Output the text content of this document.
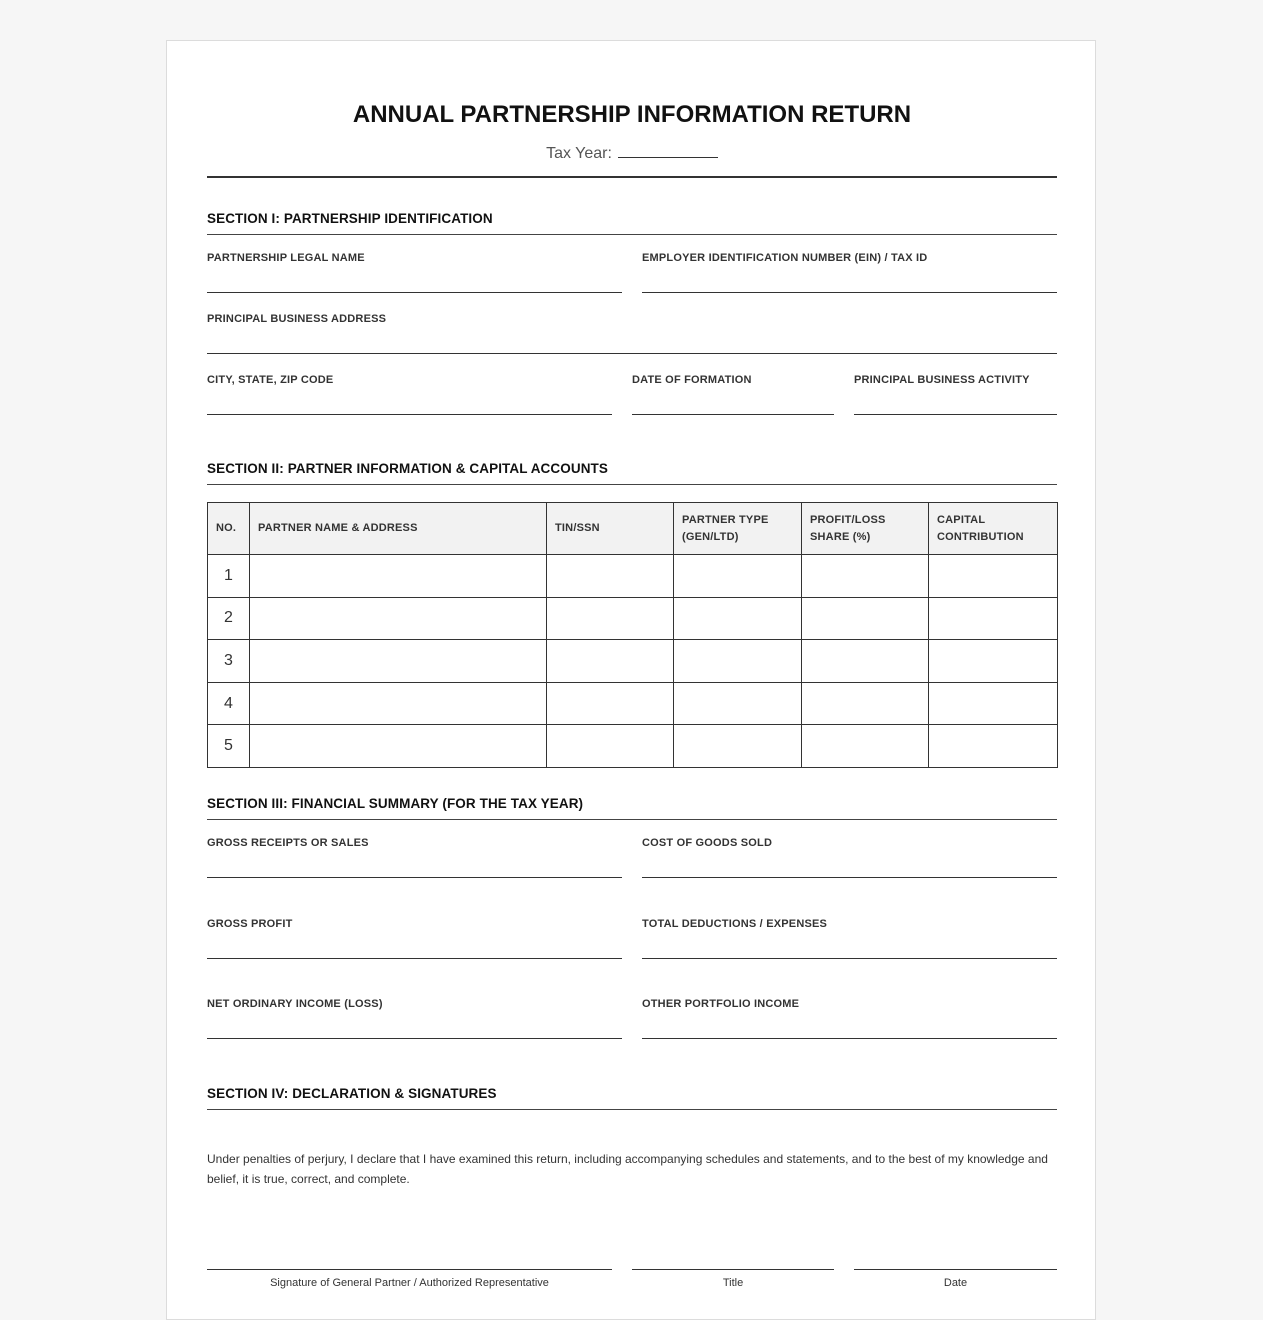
ANNUAL PARTNERSHIP INFORMATION RETURN
Tax Year:
SECTION I: PARTNERSHIP IDENTIFICATION
PARTNERSHIP LEGAL NAME	EMPLOYER IDENTIFICATION NUMBER (EIN) / TAX ID
PRINCIPAL BUSINESS ADDRESS
CITY, STATE, ZIP CODE	DATE OF FORMATION	PRINCIPAL BUSINESS ACTIVITY
SECTION II: PARTNER INFORMATION & CAPITAL ACCOUNTS
NO.	PARTNER NAME & ADDRESS	TIN/SSN	PARTNER TYPE (GEN/LTD)	PROFIT/LOSS SHARE (%)	CAPITAL CONTRIBUTION
1					
2					
3					
4					
5					
SECTION III: FINANCIAL SUMMARY (FOR THE TAX YEAR)
GROSS RECEIPTS OR SALES	COST OF GOODS SOLD
GROSS PROFIT	TOTAL DEDUCTIONS / EXPENSES
NET ORDINARY INCOME (LOSS)	OTHER PORTFOLIO INCOME
SECTION IV: DECLARATION & SIGNATURES
Under penalties of perjury, I declare that I have examined this return, including accompanying schedules and statements, and to the best of my knowledge and belief, it is true, correct, and complete.
Signature of General Partner / Authorized Representative	Title	Date
